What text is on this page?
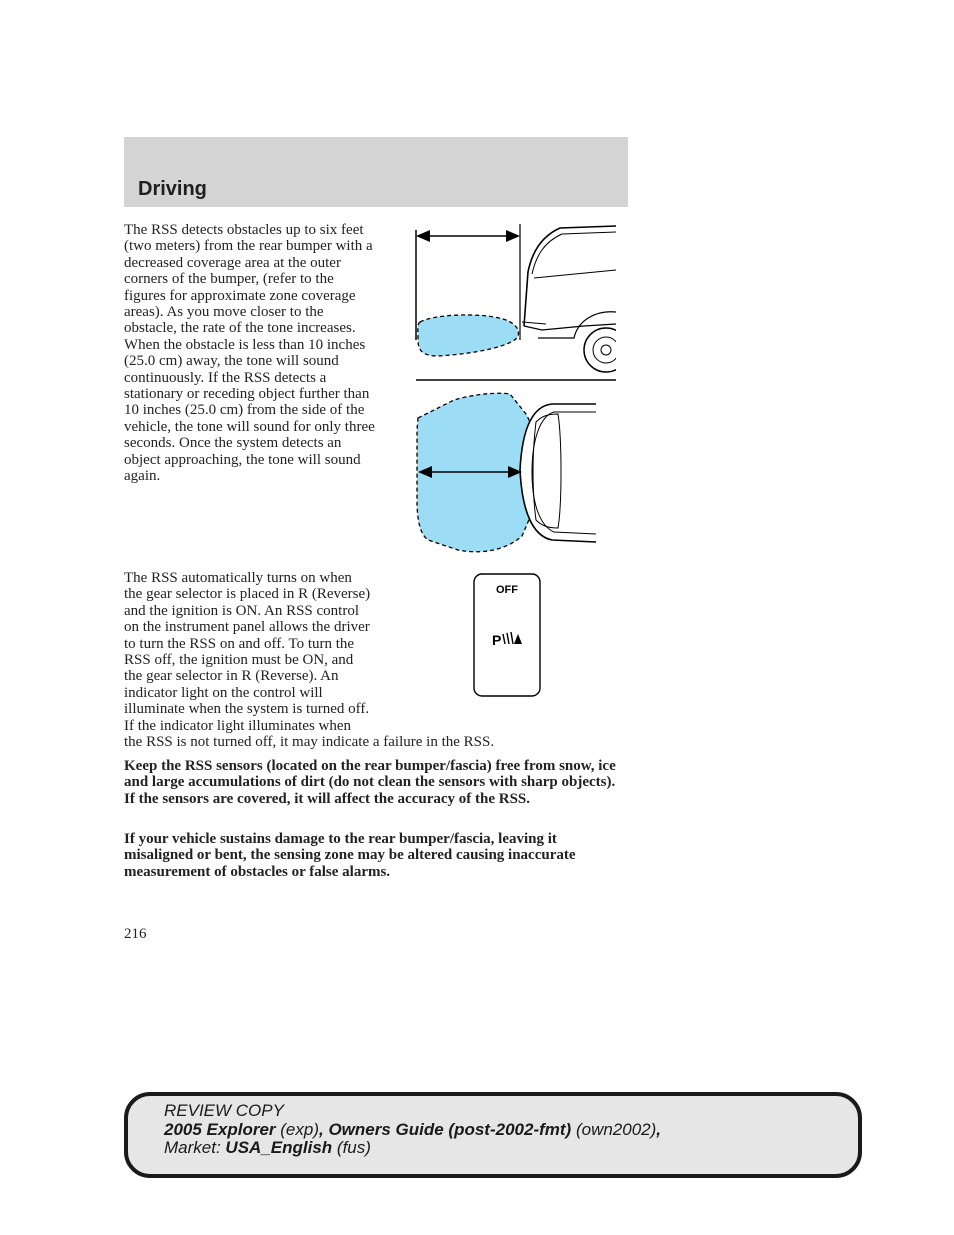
Driving

The RSS detects obstacles up to six feet (two meters) from the rear bumper with a decreased coverage area at the outer corners of the bumper, (refer to the figures for approximate zone coverage areas). As you move closer to the obstacle, the rate of the tone increases. When the obstacle is less than 10 inches (25.0 cm) away, the tone will sound continuously. If the RSS detects a stationary or receding object further than 10 inches (25.0 cm) from the side of the vehicle, the tone will sound for only three seconds. Once the system detects an object approaching, the tone will sound again.

The RSS automatically turns on when the gear selector is placed in R (Reverse) and the ignition is ON. An RSS control on the instrument panel allows the driver to turn the RSS on and off. To turn the RSS off, the ignition must be ON, and the gear selector in R (Reverse). An indicator light on the control will illuminate when the system is turned off. If the indicator light illuminates when the RSS is not turned off, it may indicate a failure in the RSS.

OFF
P

Keep the RSS sensors (located on the rear bumper/fascia) free from snow, ice and large accumulations of dirt (do not clean the sensors with sharp objects). If the sensors are covered, it will affect the accuracy of the RSS.

If your vehicle sustains damage to the rear bumper/fascia, leaving it misaligned or bent, the sensing zone may be altered causing inaccurate measurement of obstacles or false alarms.

216
REVIEW COPY
2005 Explorer (exp), Owners Guide (post-2002-fmt) (own2002),
Market: USA_English (fus)
